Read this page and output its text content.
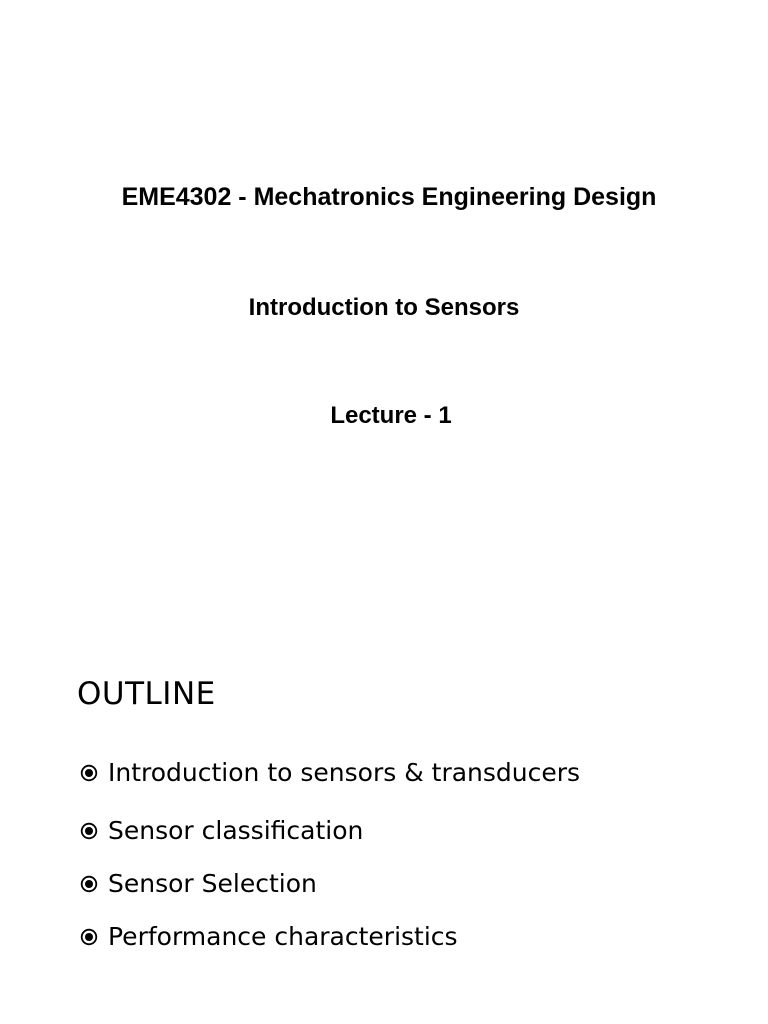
EME4302 - Mechatronics Engineering Design
Introduction to Sensors
Lecture - 1
OUTLINE
Introduction to sensors & transducers
Sensor classification
Sensor Selection
Performance characteristics
